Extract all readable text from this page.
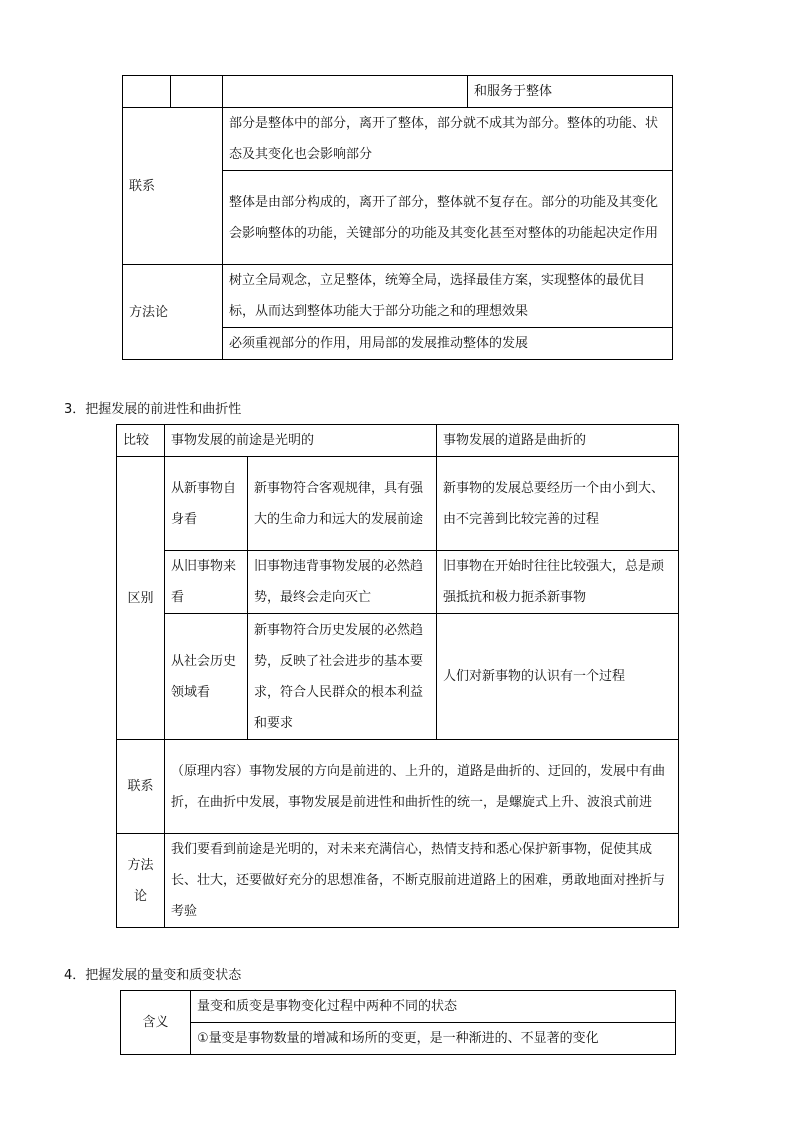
			和服务于整体
联系		部分是整体中的部分，离开了整体，部分就不成其为部分。整体的功能、状态及其变化也会影响部分	
		整体是由部分构成的，离开了部分，整体就不复存在。部分的功能及其变化会影响整体的功能，关键部分的功能及其变化甚至对整体的功能起决定作用	
方法论		树立全局观念，立足整体，统筹全局，选择最佳方案，实现整体的最优目标，从而达到整体功能大于部分功能之和的理想效果	
		必须重视部分的作用，用局部的发展推动整体的发展	
3．把握发展的前进性和曲折性
比较	事物发展的前途是光明的		事物发展的道路是曲折的
区别	从新事物自身看	新事物符合客观规律，具有强大的生命力和远大的发展前途	新事物的发展总要经历一个由小到大、由不完善到比较完善的过程
	从旧事物来看	旧事物违背事物发展的必然趋势，最终会走向灭亡	旧事物在开始时往往比较强大，总是顽强抵抗和极力扼杀新事物
	从社会历史领域看	新事物符合历史发展的必然趋势，反映了社会进步的基本要求，符合人民群众的根本利益和要求	人们对新事物的认识有一个过程
联系	（原理内容）事物发展的方向是前进的、上升的，道路是曲折的、迂回的，发展中有曲折，在曲折中发展，事物发展是前进性和曲折性的统一，是螺旋式上升、波浪式前进		
方法论	我们要看到前途是光明的，对未来充满信心，热情支持和悉心保护新事物，促使其成长、壮大，还要做好充分的思想准备，不断克服前进道路上的困难，勇敢地面对挫折与考验		
4．把握发展的量变和质变状态
含义	量变和质变是事物变化过程中两种不同的状态
①量变是事物数量的增减和场所的变更，是一种渐进的、不显著的变化
